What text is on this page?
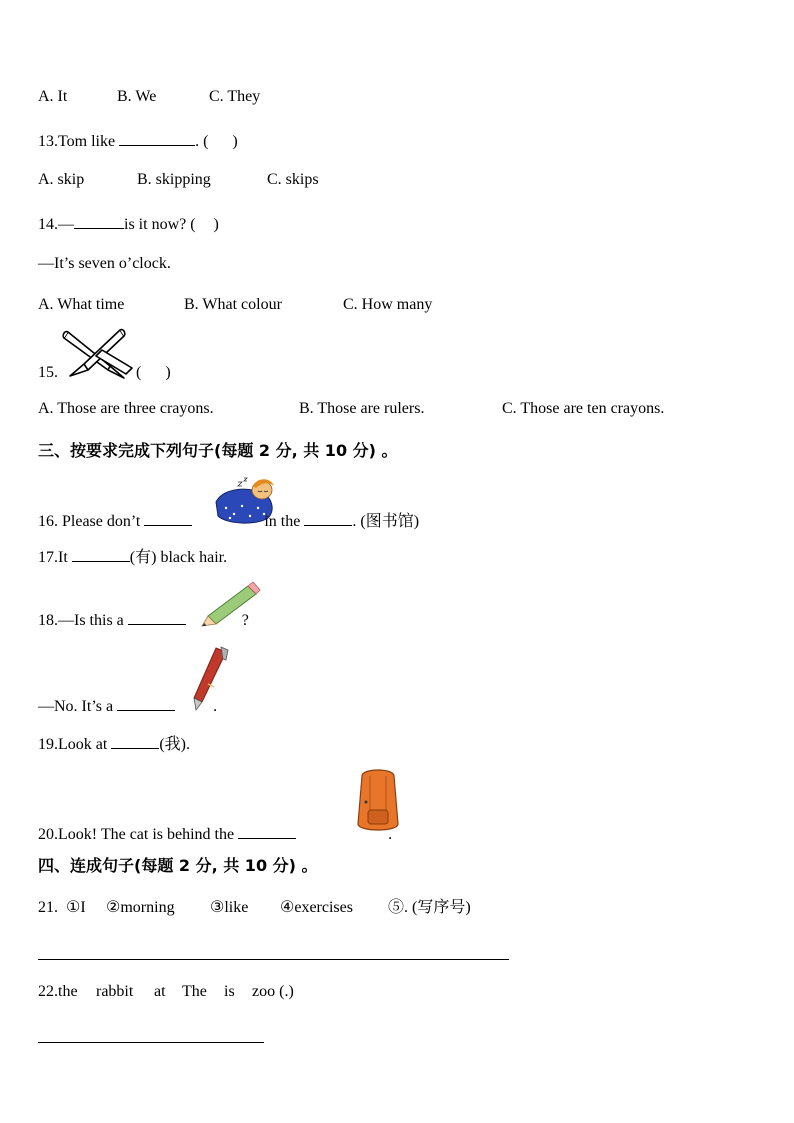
A. It	B. We	C. They
13.Tom like	. ( )
A. skip	B. skipping	C. skips
14.—	is it now? ( )
—It’s seven o’clock.
A. What time	B. What colour	C. How many
15.	( )
A. Those are three crayons.	B. Those are rulers.	C. Those are ten crayons.
三、按要求完成下列句子(每题 2 分, 共 10 分) 。
16. Please don’t	in the	. (图书馆)
17.It	(有) black hair.
18.—Is this a	?
—No. It’s a	.
19.Look at	(我).
20.Look! The cat is behind the	.
四、连成句子(每题 2 分, 共 10 分) 。
21. ①I ②morning ③like ④exercises ⑤. (写序号)
22.the rabbit at The is zoo (.)
